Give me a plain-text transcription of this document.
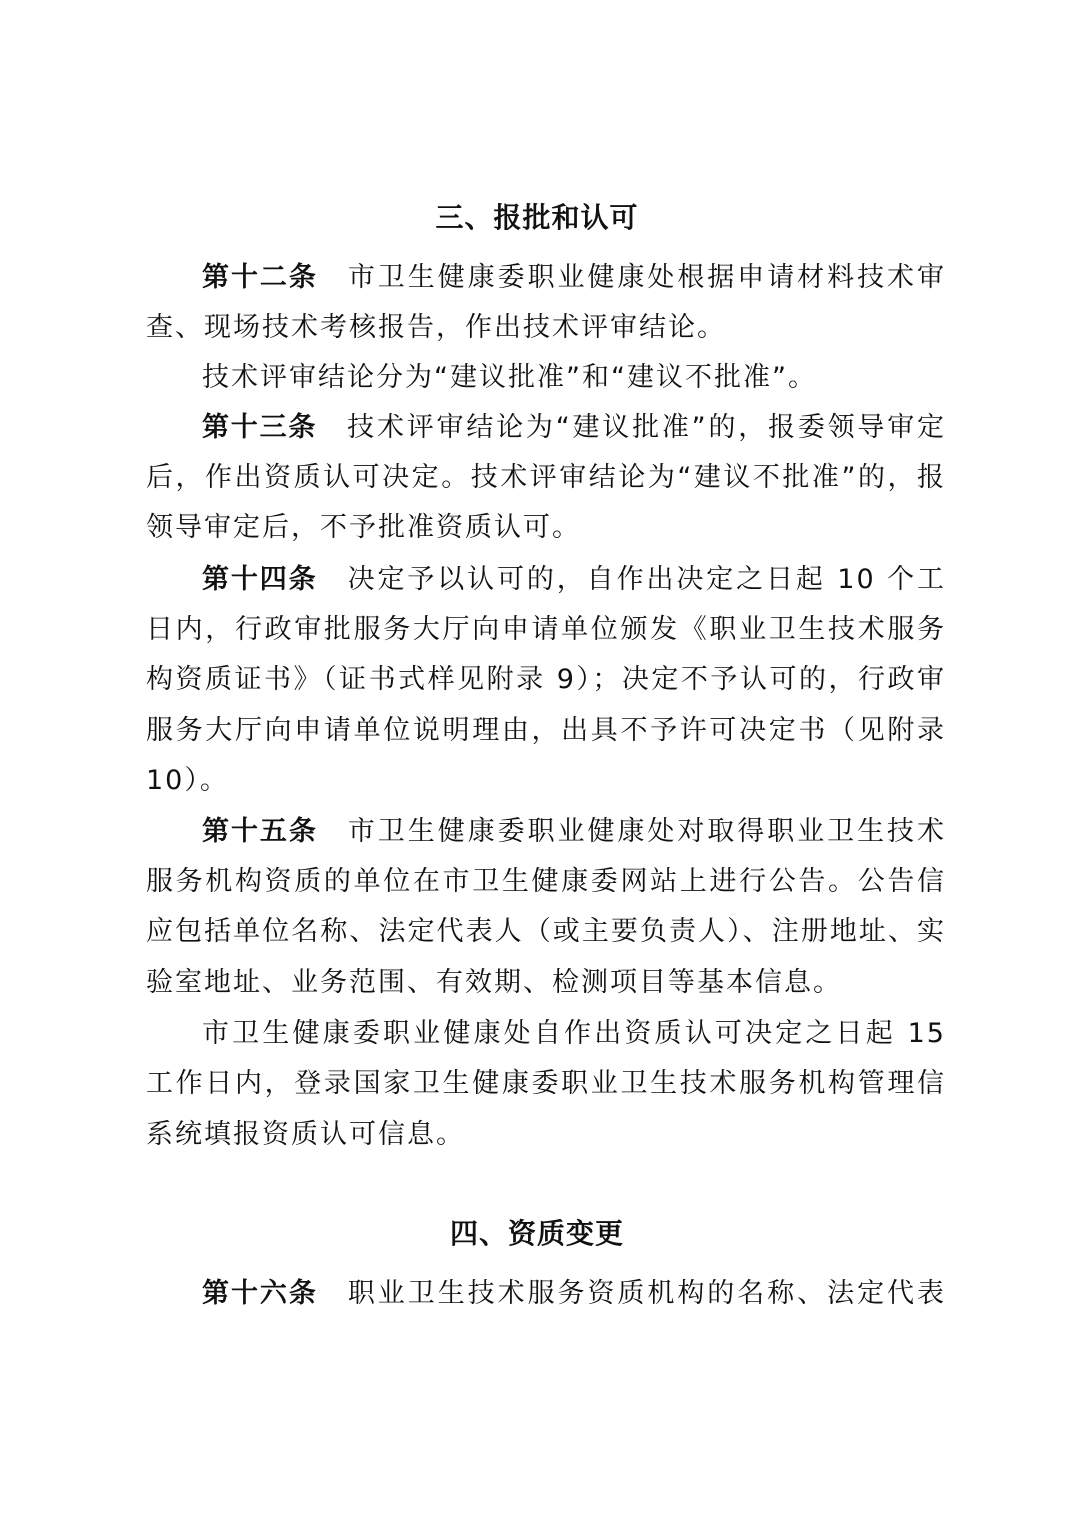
三、报批和认可
第十二条 市卫生健康委职业健康处根据申请材料技术审
查、现场技术考核报告，作出技术评审结论。
技术评审结论分为“建议批准”和“建议不批准”。
第十三条 技术评审结论为“建议批准”的，报委领导审定
后，作出资质认可决定。技术评审结论为“建议不批准”的，报
领导审定后，不予批准资质认可。
第十四条 决定予以认可的，自作出决定之日起 10 个工
日内，行政审批服务大厅向申请单位颁发《职业卫生技术服务
构资质证书》（证书式样见附录 9）；决定不予认可的，行政审
服务大厅向申请单位说明理由，出具不予许可决定书（见附录
10）。
第十五条 市卫生健康委职业健康处对取得职业卫生技术
服务机构资质的单位在市卫生健康委网站上进行公告。公告信
应包括单位名称、法定代表人（或主要负责人）、注册地址、实
验室地址、业务范围、有效期、检测项目等基本信息。
市卫生健康委职业健康处自作出资质认可决定之日起 15
工作日内，登录国家卫生健康委职业卫生技术服务机构管理信
系统填报资质认可信息。
四、资质变更
第十六条 职业卫生技术服务资质机构的名称、法定代表
